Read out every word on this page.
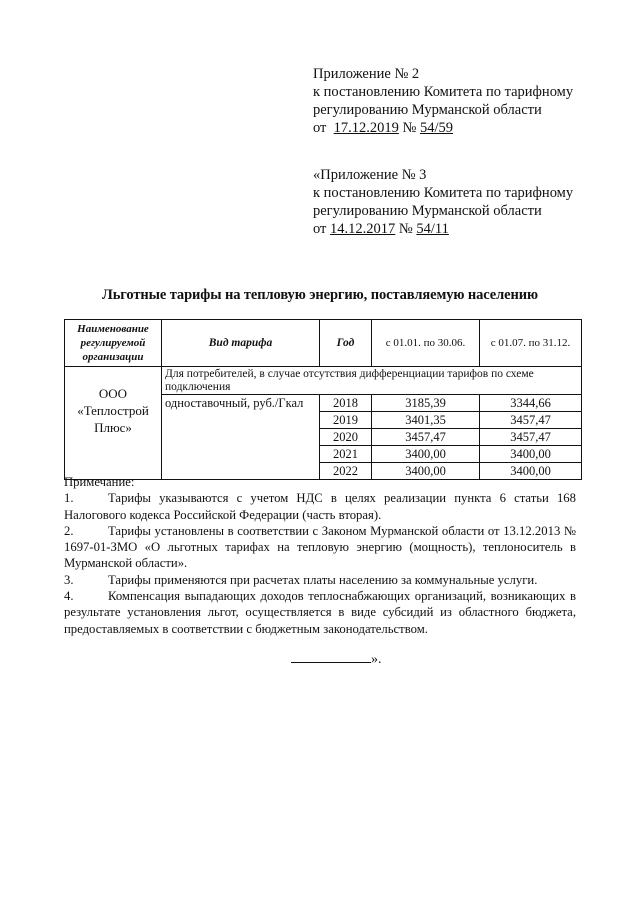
Приложение № 2
к постановлению Комитета по тарифному
регулированию Мурманской области
от 17.12.2019 № 54/59
«Приложение № 3
к постановлению Комитета по тарифному
регулированию Мурманской области
от 14.12.2017 № 54/11
Льготные тарифы на тепловую энергию, поставляемую населению
Наименование регулируемой организации	Вид тарифа	Год	с 01.01. по 30.06.	с 01.07. по 31.12.
ООО «Теплострой Плюс»	Для потребителей, в случае отсутствия дифференциации тарифов по схеме подключения			
	одноставочный, руб./Гкал	2018	3185,39	3344,66
		2019	3401,35	3457,47
		2020	3457,47	3457,47
		2021	3400,00	3400,00
		2022	3400,00	3400,00

Примечание:

1.	Тарифы указываются с учетом НДС в целях реализации пункта 6 статьи 168 Налогового кодекса Российской Федерации (часть вторая).

2.	Тарифы установлены в соответствии с Законом Мурманской области от 13.12.2013 № 1697-01-ЗМО «О льготных тарифах на тепловую энергию (мощность), теплоноситель в Мурманской области».

3.	Тарифы применяются при расчетах платы населению за коммунальные услуги.

4.	Компенсация выпадающих доходов теплоснабжающих организаций, возникающих в результате установления льгот, осуществляется в виде субсидий из областного бюджета, предоставляемых в соответствии с бюджетным законодательством.

».
